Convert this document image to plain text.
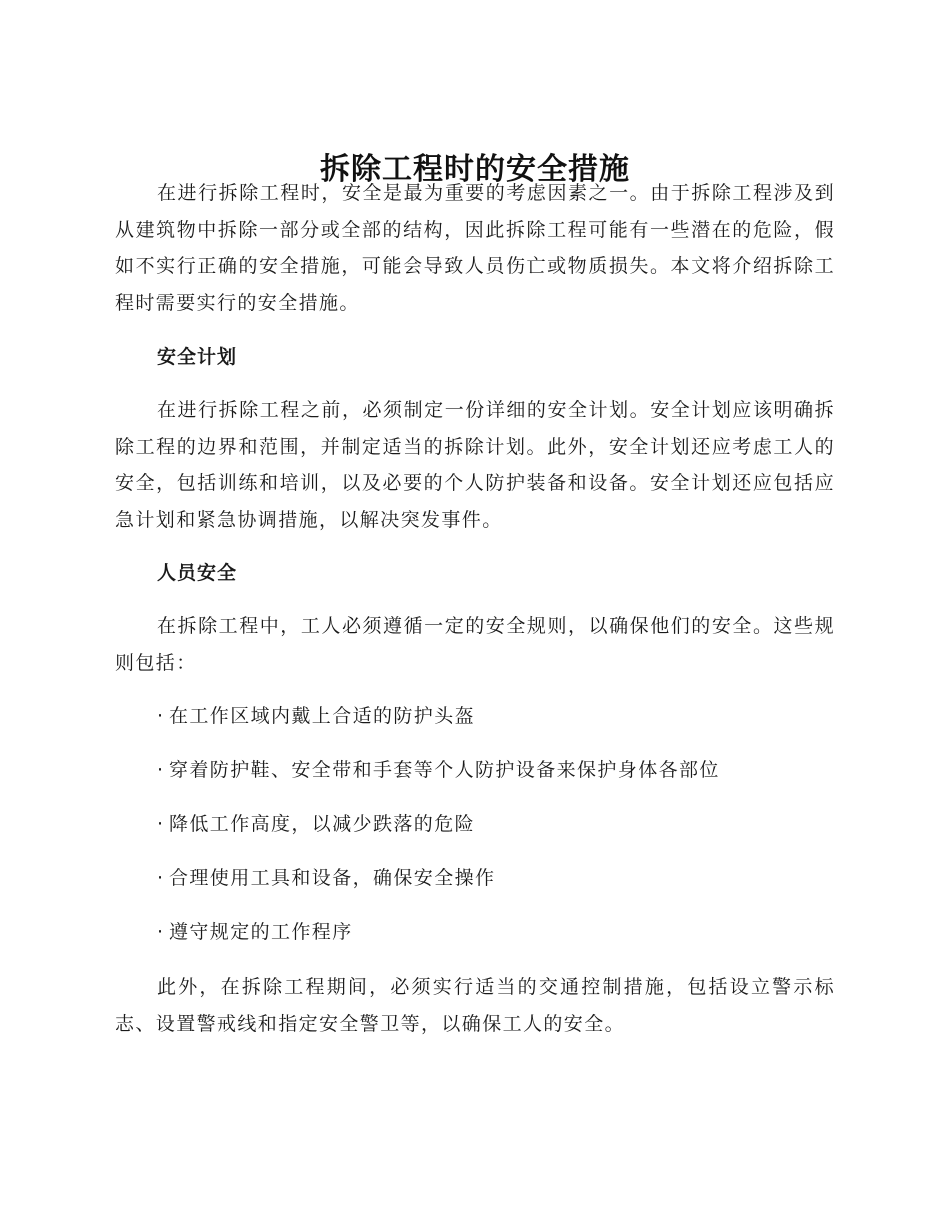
拆除工程时的安全措施

在进行拆除工程时，安全是最为重要的考虑因素之一。由于拆除工程涉及到从建筑物中拆除一部分或全部的结构，因此拆除工程可能有一些潜在的危险，假如不实行正确的安全措施，可能会导致人员伤亡或物质损失。本文将介绍拆除工程时需要实行的安全措施。

安全计划

在进行拆除工程之前，必须制定一份详细的安全计划。安全计划应该明确拆除工程的边界和范围，并制定适当的拆除计划。此外，安全计划还应考虑工人的安全，包括训练和培训，以及必要的个人防护装备和设备。安全计划还应包括应急计划和紧急协调措施，以解决突发事件。

人员安全

在拆除工程中，工人必须遵循一定的安全规则，以确保他们的安全。这些规则包括：

· 在工作区域内戴上合适的防护头盔

· 穿着防护鞋、安全带和手套等个人防护设备来保护身体各部位

· 降低工作高度，以减少跌落的危险

· 合理使用工具和设备，确保安全操作

· 遵守规定的工作程序

此外，在拆除工程期间，必须实行适当的交通控制措施，包括设立警示标志、设置警戒线和指定安全警卫等，以确保工人的安全。
